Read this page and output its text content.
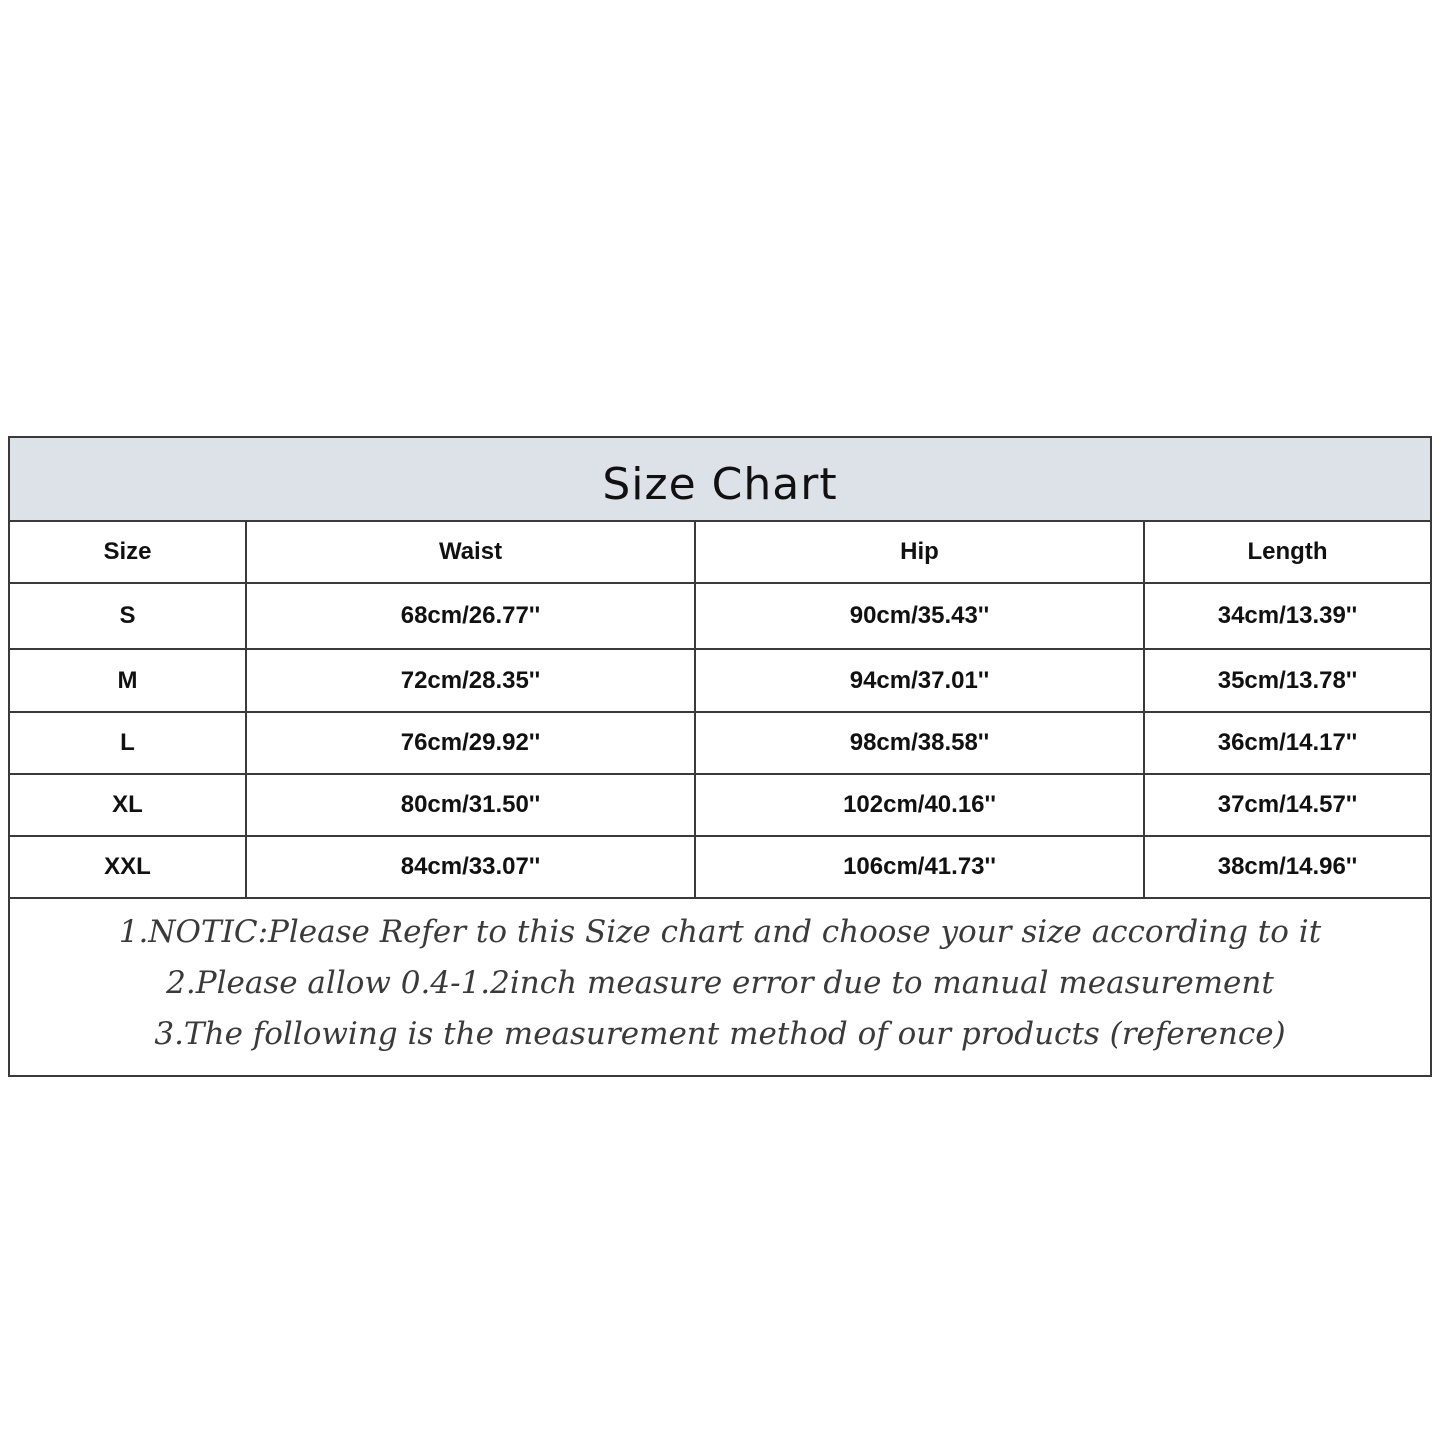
Size Chart
Size	Waist	Hip	Length
S	68cm/26.77''	90cm/35.43''	34cm/13.39''
M	72cm/28.35''	94cm/37.01''	35cm/13.78''
L	76cm/29.92''	98cm/38.58''	36cm/14.17''
XL	80cm/31.50''	102cm/40.16''	37cm/14.57''
XXL	84cm/33.07''	106cm/41.73''	38cm/14.96''
1.NOTIC:Please Refer to this Size chart and choose your size according to it
2.Please allow 0.4-1.2inch measure error due to manual measurement
3.The following is the measurement method of our products (reference)
